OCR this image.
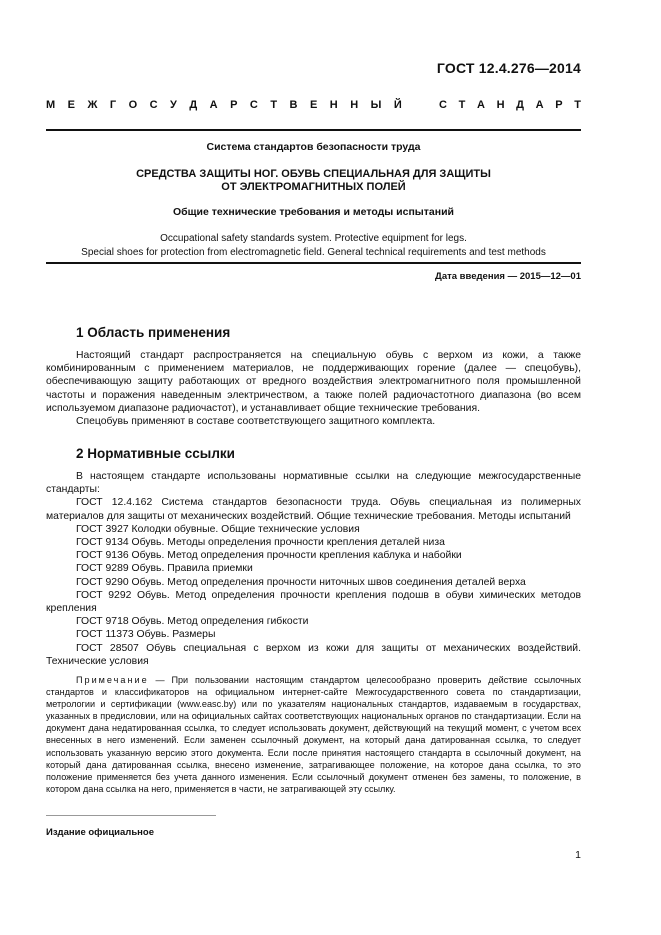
ГОСТ 12.4.276—2014
М Е Ж Г О С У Д А Р С Т В Е Н Н Ы Й	С Т А Н Д А Р Т
Система стандартов безопасности труда
СРЕДСТВА ЗАЩИТЫ НОГ. ОБУВЬ СПЕЦИАЛЬНАЯ ДЛЯ ЗАЩИТЫ
ОТ ЭЛЕКТРОМАГНИТНЫХ ПОЛЕЙ
Общие технические требования и методы испытаний
Occupational safety standards system. Protective equipment for legs.
Special shoes for protection from electromagnetic field. General technical requirements and test methods
Дата введения — 2015—12—01
1 Область применения

Настоящий стандарт распространяется на специальную обувь с верхом из кожи, а также комбинированным с применением материалов, не поддерживающих горение (далее — спецобувь), обеспечивающую защиту работающих от вредного воздействия электромагнитного поля промышленной частоты и поражения наведенным электричеством, а также полей радиочастотного диапазона (во всем используемом диапазоне радиочастот), и устанавливает общие технические требования.

Спецобувь применяют в составе соответствующего защитного комплекта.

2 Нормативные ссылки

В настоящем стандарте использованы нормативные ссылки на следующие межгосударственные стандарты:

ГОСТ 12.4.162 Система стандартов безопасности труда. Обувь специальная из полимерных материалов для защиты от механических воздействий. Общие технические требования. Методы испытаний
ГОСТ 3927 Колодки обувные. Общие технические условия
ГОСТ 9134 Обувь. Методы определения прочности крепления деталей низа
ГОСТ 9136 Обувь. Метод определения прочности крепления каблука и набойки
ГОСТ 9289 Обувь. Правила приемки
ГОСТ 9290 Обувь. Метод определения прочности ниточных швов соединения деталей верха
ГОСТ 9292 Обувь. Метод определения прочности крепления подошв в обуви химических методов крепления
ГОСТ 9718 Обувь. Метод определения гибкости
ГОСТ 11373 Обувь. Размеры
ГОСТ 28507 Обувь специальная с верхом из кожи для защиты от механических воздействий. Технические условия

Примечание — При пользовании настоящим стандартом целесообразно проверить действие ссылочных стандартов и классификаторов на официальном интернет-сайте Межгосударственного совета по стандартизации, метрологии и сертификации (www.easc.by) или по указателям национальных стандартов, издаваемым в государствах, указанных в предисловии, или на официальных сайтах соответствующих национальных органов по стандартизации. Если на документ дана недатированная ссылка, то следует использовать документ, действующий на текущий момент, с учетом всех внесенных в него изменений. Если заменен ссылочный документ, на который дана датированная ссылка, то следует использовать указанную версию этого документа. Если после принятия настоящего стандарта в ссылочный документ, на который дана датированная ссылка, внесено изменение, затрагивающее положение, на которое дана ссылка, то это положение применяется без учета данного изменения. Если ссылочный документ отменен без замены, то положение, в котором дана ссылка на него, применяется в части, не затрагивающей эту ссылку.

Издание официальное
1
